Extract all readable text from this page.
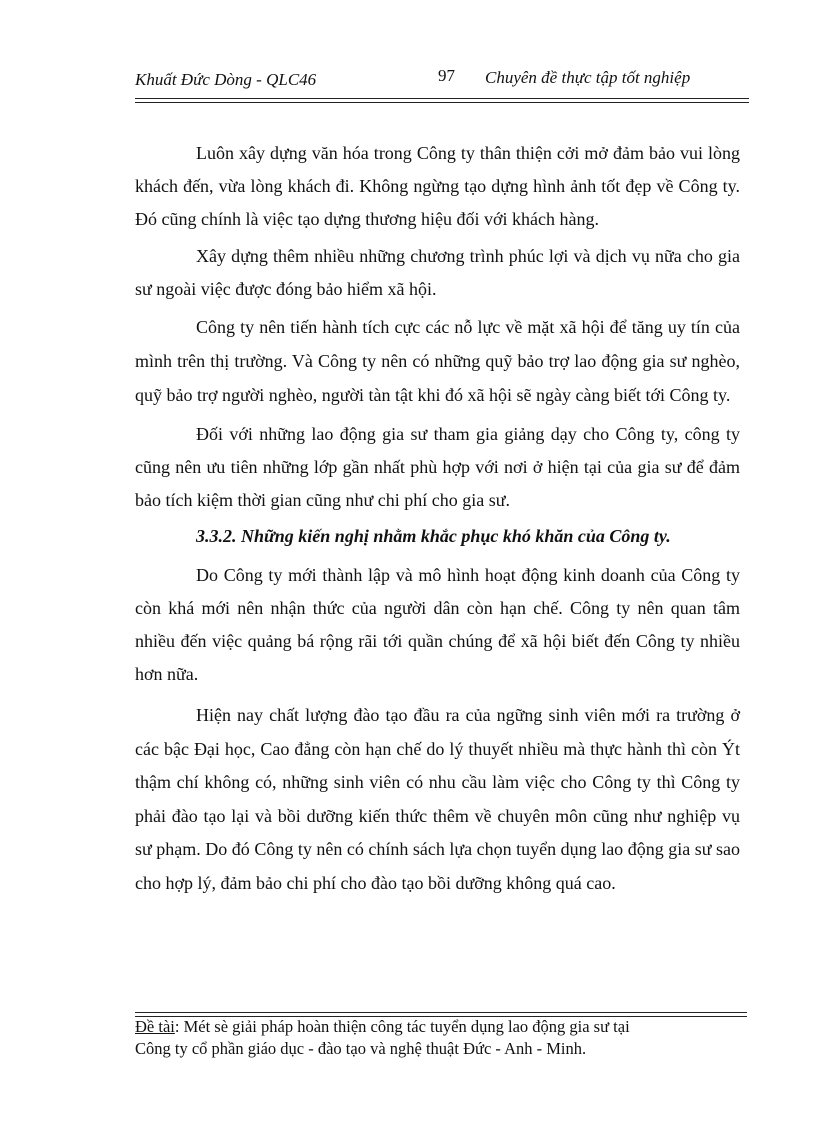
Khuất Đức Dòng - QLC46	97 Chuyên đề thực tập tốt nghiệp

Luôn xây dựng văn hóa trong Công ty thân thiện cởi mở đảm bảo vui lòng khách đến, vừa lòng khách đi. Không ngừng tạo dựng hình ảnh tốt đẹp về Công ty. Đó cũng chính là việc tạo dựng thương hiệu đối với khách hàng.

Xây dựng thêm nhiều những chương trình phúc lợi và dịch vụ nữa cho gia sư ngoài việc được đóng bảo hiểm xã hội.

Công ty nên tiến hành tích cực các nỗ lực về mặt xã hội để tăng uy tín của mình trên thị trường. Và Công ty nên có những quỹ bảo trợ lao động gia sư nghèo, quỹ bảo trợ người nghèo, người tàn tật khi đó xã hội sẽ ngày càng biết tới Công ty.

Đối với những lao động gia sư tham gia giảng dạy cho Công ty, công ty cũng nên ưu tiên những lớp gần nhất phù hợp với nơi ở hiện tại của gia sư để đảm bảo tích kiệm thời gian cũng như chi phí cho gia sư.

3.3.2. Những kiến nghị nhằm khắc phục khó khăn của Công ty.

Do Công ty mới thành lập và mô hình hoạt động kinh doanh của Công ty còn khá mới nên nhận thức của người dân còn hạn chế. Công ty nên quan tâm nhiều đến việc quảng bá rộng rãi tới quần chúng để xã hội biết đến Công ty nhiều hơn nữa.

Hiện nay chất lượng đào tạo đầu ra của ngững sinh viên mới ra trường ở các bậc Đại học, Cao đẳng còn hạn chế do lý thuyết nhiều mà thực hành thì còn Ýt thậm chí không có, những sinh viên có nhu cầu làm việc cho Công ty thì Công ty phải đào tạo lại và bồi dưỡng kiến thức thêm về chuyên môn cũng như nghiệp vụ sư phạm. Do đó Công ty nên có chính sách lựa chọn tuyển dụng lao động gia sư sao cho hợp lý, đảm bảo chi phí cho đào tạo bồi dưỡng không quá cao.

Đề tài: Mét sè giải pháp hoàn thiện công tác tuyển dụng lao động gia sư tại
Công ty cổ phần giáo dục - đào tạo và nghệ thuật Đức - Anh - Minh.
